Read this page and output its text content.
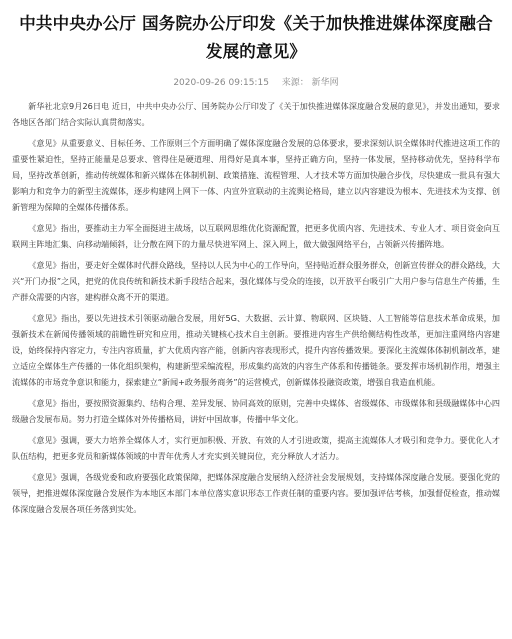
中共中央办公厅 国务院办公厅印发《关于加快推进媒体深度融合发展的意见》
2020-09-26 09:15:15 来源： 新华网

新华社北京9月26日电 近日，中共中央办公厅、国务院办公厅印发了《关于加快推进媒体深度融合发展的意见》，并发出通知，要求各地区各部门结合实际认真贯彻落实。

《意见》从重要意义、目标任务、工作原则三个方面明确了媒体深度融合发展的总体要求，要求深刻认识全媒体时代推进这项工作的重要性紧迫性，坚持正能量是总要求、管得住是硬道理、用得好是真本事，坚持正确方向，坚持一体发展，坚持移动优先，坚持科学布局，坚持改革创新，推动传统媒体和新兴媒体在体制机制、政策措施、流程管理、人才技术等方面加快融合步伐，尽快建成一批具有强大影响力和竞争力的新型主流媒体，逐步构建网上网下一体、内宣外宣联动的主流舆论格局，建立以内容建设为根本、先进技术为支撑、创新管理为保障的全媒体传播体系。

《意见》指出，要推动主力军全面挺进主战场，以互联网思维优化资源配置，把更多优质内容、先进技术、专业人才、项目资金向互联网主阵地汇集、向移动端倾斜，让分散在网下的力量尽快进军网上、深入网上，做大做强网络平台，占领新兴传播阵地。

《意见》指出，要走好全媒体时代群众路线，坚持以人民为中心的工作导向，坚持贴近群众服务群众，创新宣传群众的群众路线，大兴“开门办报”之风，把党的优良传统和新技术新手段结合起来，强化媒体与受众的连接，以开放平台吸引广大用户参与信息生产传播，生产群众需要的内容，建构群众离不开的渠道。

《意见》指出，要以先进技术引领驱动融合发展，用好5G、大数据、云计算、物联网、区块链、人工智能等信息技术革命成果，加强新技术在新闻传播领域的前瞻性研究和应用，推动关键核心技术自主创新。要推进内容生产供给侧结构性改革，更加注重网络内容建设，始终保持内容定力，专注内容质量，扩大优质内容产能，创新内容表现形式，提升内容传播效果。要深化主流媒体体制机制改革，建立适应全媒体生产传播的一体化组织架构，构建新型采编流程，形成集约高效的内容生产体系和传播链条。要发挥市场机制作用，增强主流媒体的市场竞争意识和能力，探索建立“新闻+政务服务商务”的运营模式，创新媒体投融资政策，增强自我造血机能。

《意见》指出，要按照资源集约、结构合理、差异发展、协同高效的原则，完善中央媒体、省级媒体、市级媒体和县级融媒体中心四级融合发展布局。努力打造全媒体对外传播格局，讲好中国故事，传播中华文化。

《意见》强调，要大力培养全媒体人才，实行更加积极、开放、有效的人才引进政策，提高主流媒体人才吸引和竞争力。要优化人才队伍结构，把更多党员和新媒体领域的中青年优秀人才充实到关键岗位，充分释放人才活力。

《意见》强调，各级党委和政府要强化政策保障，把媒体深度融合发展纳入经济社会发展规划，支持媒体深度融合发展。要强化党的领导，把推进媒体深度融合发展作为本地区本部门本单位落实意识形态工作责任制的重要内容。要加强评估考核，加强督促检查，推动媒体深度融合发展各项任务落到实处。
